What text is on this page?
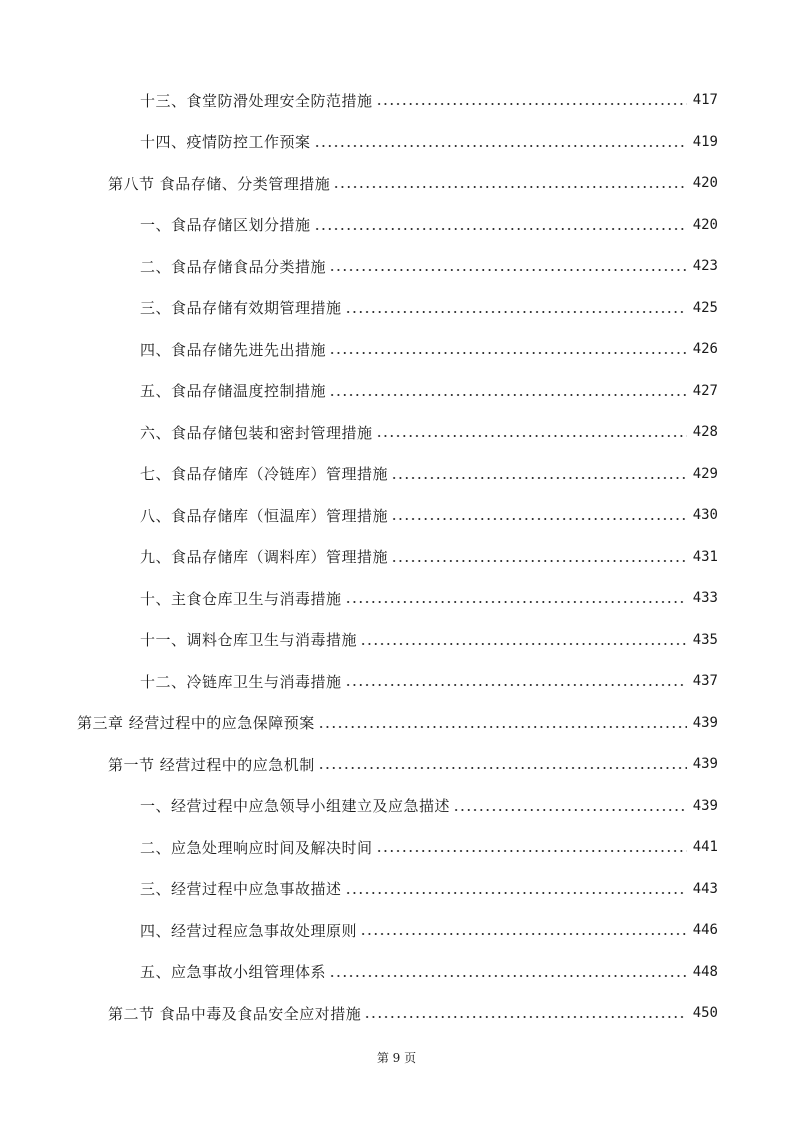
十三、食堂防滑处理安全防范措施	417
十四、疫情防控工作预案	419
第八节 食品存储、分类管理措施	420
一、食品存储区划分措施	420
二、食品存储食品分类措施	423
三、食品存储有效期管理措施	425
四、食品存储先进先出措施	426
五、食品存储温度控制措施	427
六、食品存储包装和密封管理措施	428
七、食品存储库（冷链库）管理措施	429
八、食品存储库（恒温库）管理措施	430
九、食品存储库（调料库）管理措施	431
十、主食仓库卫生与消毒措施	433
十一、调料仓库卫生与消毒措施	435
十二、冷链库卫生与消毒措施	437
第三章 经营过程中的应急保障预案	439
第一节 经营过程中的应急机制	439
一、经营过程中应急领导小组建立及应急描述	439
二、应急处理响应时间及解决时间	441
三、经营过程中应急事故描述	443
四、经营过程应急事故处理原则	446
五、应急事故小组管理体系	448
第二节 食品中毒及食品安全应对措施	450
第 9 页
